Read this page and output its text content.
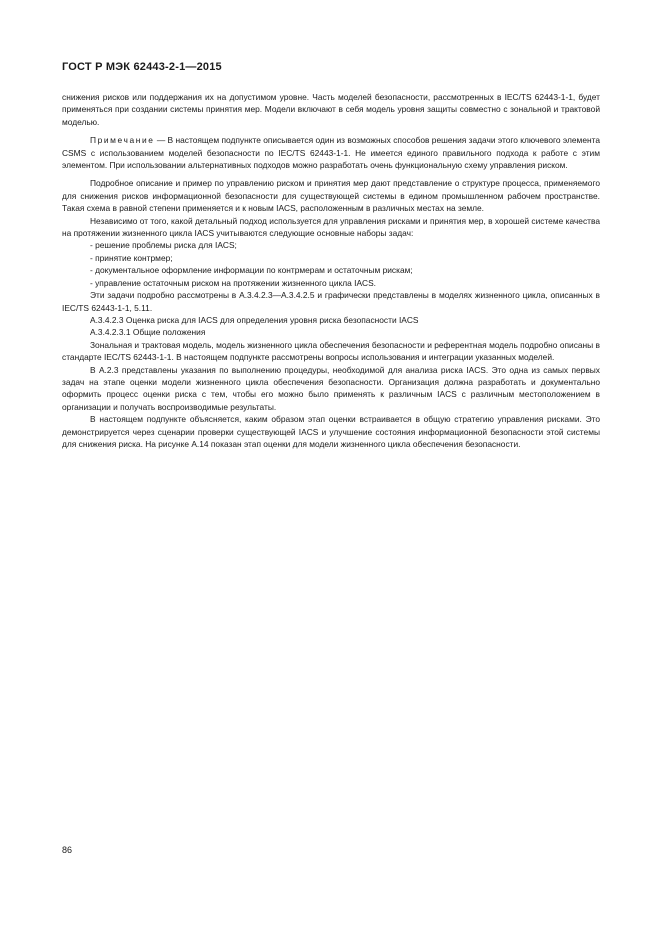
ГОСТ Р МЭК 62443-2-1—2015

снижения рисков или поддержания их на допустимом уровне. Часть моделей безопасности, рассмотренных в IEC/TS 62443-1-1, будет применяться при создании системы принятия мер. Модели включают в себя модель уровня защиты совместно с зональной и трактовой моделью.

Примечание — В настоящем подпункте описывается один из возможных способов решения задачи этого ключевого элемента CSMS с использованием моделей безопасности по IEC/TS 62443-1-1. Не имеется единого правильного подхода к работе с этим элементом. При использовании альтернативных подходов можно разработать очень функциональную схему управления риском.

Подробное описание и пример по управлению риском и принятия мер дают представление о структуре процесса, применяемого для снижения рисков информационной безопасности для существующей системы в едином промышленном рабочем пространстве. Такая схема в равной степени применяется и к новым IACS, расположенным в различных местах на земле.

Независимо от того, какой детальный подход используется для управления рисками и принятия мер, в хорошей системе качества на протяжении жизненного цикла IACS учитываются следующие основные наборы задач:

- решение проблемы риска для IACS;

- принятие контрмер;

- документальное оформление информации по контрмерам и остаточным рискам;

- управление остаточным риском на протяжении жизненного цикла IACS.

Эти задачи подробно рассмотрены в A.3.4.2.3—A.3.4.2.5 и графически представлены в моделях жизненного цикла, описанных в IEC/TS 62443-1-1, 5.11.

A.3.4.2.3 Оценка риска для IACS для определения уровня риска безопасности IACS

A.3.4.2.3.1 Общие положения

Зональная и трактовая модель, модель жизненного цикла обеспечения безопасности и референтная модель подробно описаны в стандарте IEC/TS 62443-1-1. В настоящем подпункте рассмотрены вопросы использования и интеграции указанных моделей.

В A.2.3 представлены указания по выполнению процедуры, необходимой для анализа риска IACS. Это одна из самых первых задач на этапе оценки модели жизненного цикла обеспечения безопасности. Организация должна разработать и документально оформить процесс оценки риска с тем, чтобы его можно было применять к различным IACS с различным местоположением в организации и получать воспроизводимые результаты.

В настоящем подпункте объясняется, каким образом этап оценки встраивается в общую стратегию управления рисками. Это демонстрируется через сценарии проверки существующей IACS и улучшение состояния информационной безопасности этой системы для снижения риска. На рисунке A.14 показан этап оценки для модели жизненного цикла обеспечения безопасности.

86
